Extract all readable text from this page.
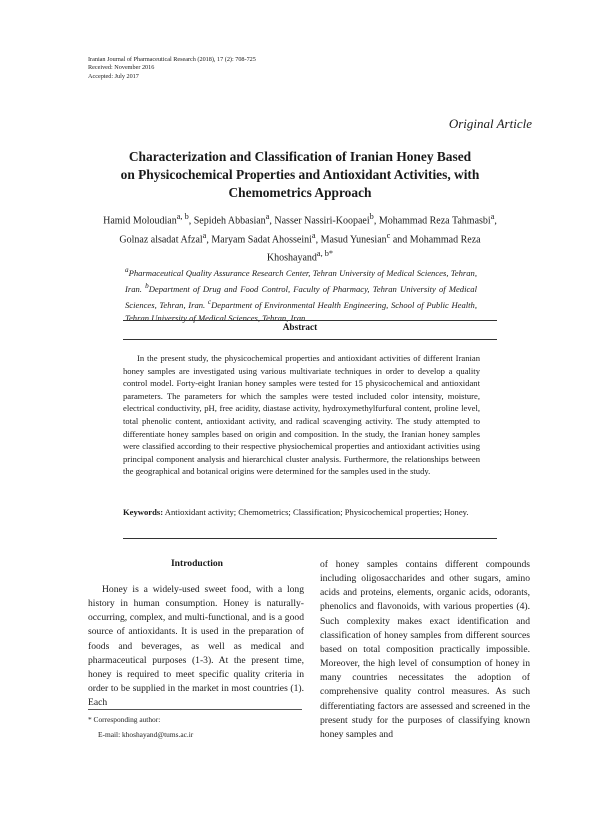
Iranian Journal of Pharmaceutical Research (2018), 17 (2): 708-725
Received: November 2016
Accepted: July 2017
Original Article
Characterization and Classification of Iranian Honey Based
on Physicochemical Properties and Antioxidant Activities, with
Chemometrics Approach
Hamid Moloudian$^{a, b}$, Sepideh Abbasian$^a$, Nasser Nassiri-Koopaei$^b$, Mohammad Reza Tahmasbi$^a$,
Golnaz alsadat Afzal$^a$, Maryam Sadat Ahosseini$^a$, Masud Yunesian$^c$ and Mohammad Reza
Khoshayand$^{a, b*}$
$^a$Pharmaceutical Quality Assurance Research Center, Tehran University of Medical Sciences, Tehran, Iran. $^b$Department of Drug and Food Control, Faculty of Pharmacy, Tehran University of Medical Sciences, Tehran, Iran. $^c$Department of Environmental Health Engineering, School of Public Health, Tehran University of Medical Sciences, Tehran, Iran.
Abstract

In the present study, the physicochemical properties and antioxidant activities of different Iranian honey samples are investigated using various multivariate techniques in order to develop a quality control model. Forty-eight Iranian honey samples were tested for 15 physicochemical and antioxidant parameters. The parameters for which the samples were tested included color intensity, moisture, electrical conductivity, pH, free acidity, diastase activity, hydroxymethylfurfural content, proline level, total phenolic content, antioxidant activity, and radical scavenging activity. The study attempted to differentiate honey samples based on origin and composition. In the study, the Iranian honey samples were classified according to their respective physiochemical properties and antioxidant activities using principal component analysis and hierarchical cluster analysis. Furthermore, the relationships between the geographical and botanical origins were determined for the samples used in the study.

Keywords: Antioxidant activity; Chemometrics; Classification; Physicochemical properties; Honey.
Introduction

Honey is a widely-used sweet food, with a long history in human consumption. Honey is naturally-occurring, complex, and multi-functional, and is a good source of antioxidants. It is used in the preparation of foods and beverages, as well as medical and pharmaceutical purposes (1-3). At the present time, honey is required to meet specific quality criteria in order to be supplied in the market in most countries (1). Each

of honey samples contains different compounds including oligosaccharides and other sugars, amino acids and proteins, elements, organic acids, odorants, phenolics and flavonoids, with various properties (4). Such complexity makes exact identification and classification of honey samples from different sources based on total composition practically impossible. Moreover, the high level of consumption of honey in many countries necessitates the adoption of comprehensive quality control measures. As such differentiating factors are assessed and screened in the present study for the purposes of classifying known honey samples and

* Corresponding author:
E-mail: khoshayand@tums.ac.ir
